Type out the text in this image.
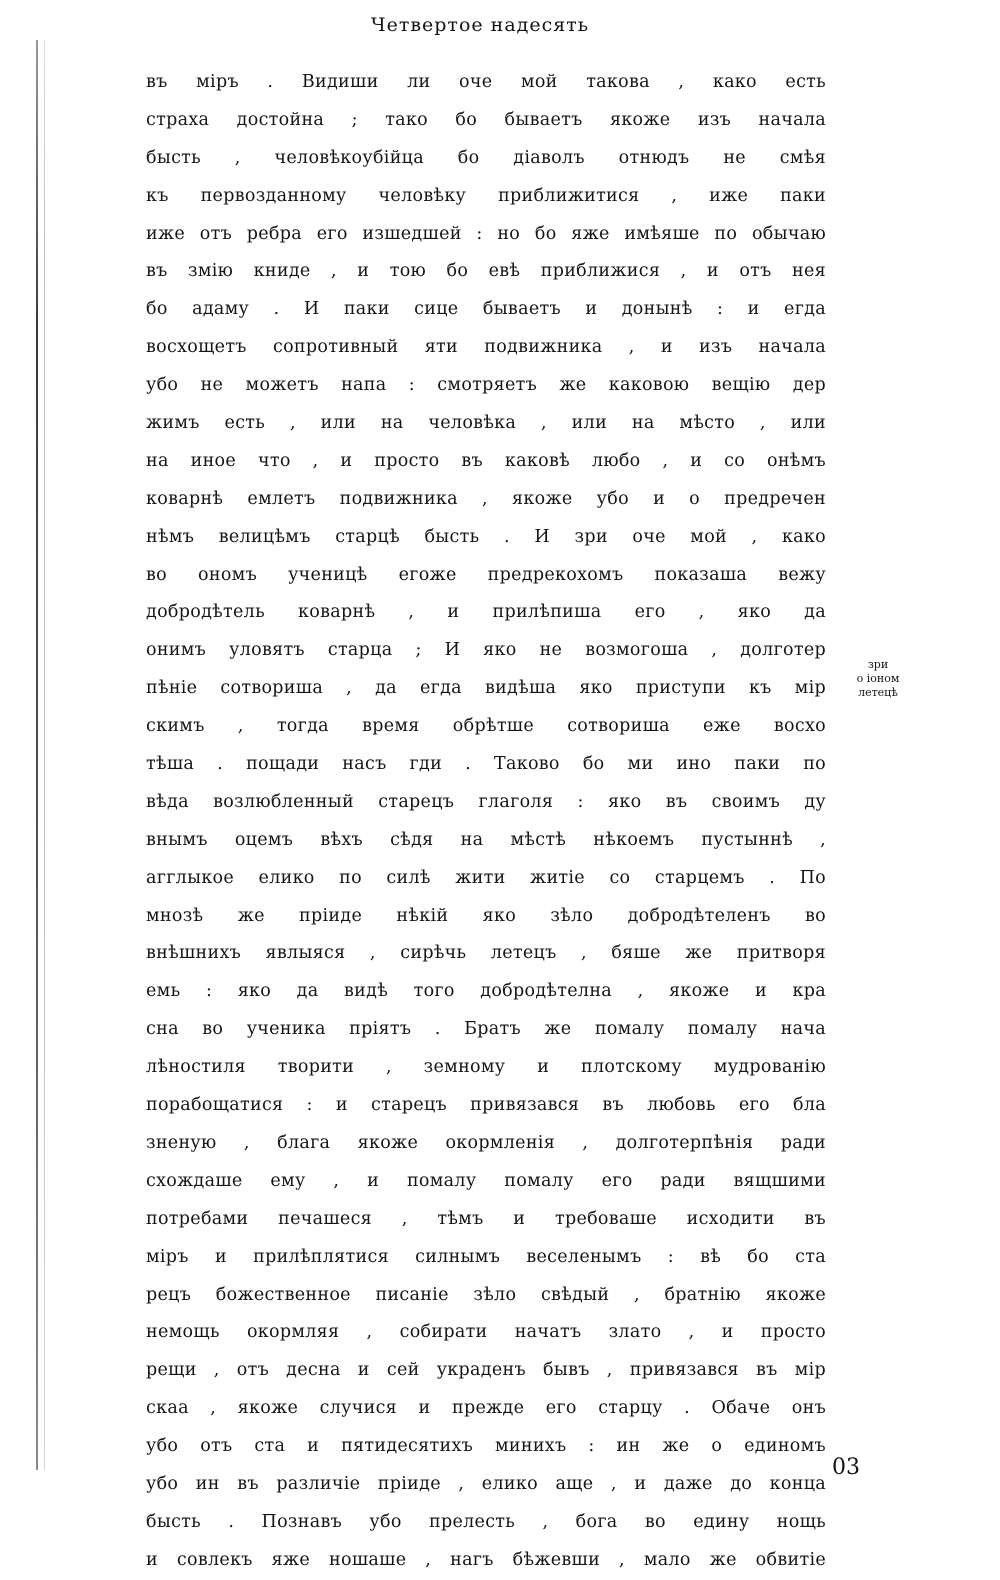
Четвертое надесять
въ міръ . Видиши ли оче мой такова , како есть
страха достойна ; тако бо бываетъ якоже изъ начала
бысть , человѣкоубійца бо діаволъ отнюдъ не смѣя
къ первозданному человѣку приближитися , иже паки
иже отъ ребра его изшедшей : но бо яже имѣяше по обычаю
въ змію книде , и тою бо евѣ приближися , и отъ нея
бо адаму . И паки сице бываетъ и донынѣ : и егда
восхощетъ сопротивный яти подвижника , и изъ начала
убо не можетъ напа : смотряетъ же каковою вещію дер
жимъ есть , или на человѣка , или на мѣсто , или
на иное что , и просто въ каковѣ любо , и со онѣмъ
коварнѣ емлетъ подвижника , якоже убо и о предречен
нѣмъ велицѣмъ старцѣ бысть . И зри оче мой , како
во ономъ ученицѣ егоже предрекохомъ показаша вежу
добродѣтель коварнѣ , и прилѣпиша его , яко да
онимъ уловятъ старца ; И яко не возмогоша , долготер
пѣніе сотвориша , да егда видѣша яко приступи къ мір
скимъ , тогда время обрѣтше сотвориша еже восхо
тѣша . пощади насъ гди . Таково бо ми ино паки по
вѣда возлюбленный старецъ глаголя : яко въ своимъ ду
внымъ оцемъ вѣхъ сѣдя на мѣстѣ нѣкоемъ пустыннѣ ,
агглыкое елико по силѣ жити житіе со старцемъ . По
мнозѣ же пріиде нѣкій яко зѣло добродѣтеленъ во
внѣшнихъ явлыяся , сирѣчь летецъ , бяше же притворя
емь : яко да видѣ того добродѣтелна , якоже и кра
сна во ученика пріятъ . Братъ же помалу помалу нача
лѣностиля творити , земному и плотскому мудрованію
порабощатися : и старецъ привязався въ любовь его бла
зненую , блага якоже окормленія , долготерпѣнія ради
схождаше ему , и помалу помалу его ради вящшими
потребами печашеся , тѣмъ и требоваше исходити въ
міръ и прилѣплятися силнымъ веселенымъ : вѣ бо ста
рецъ божественное писаніе зѣло свѣдый , братнію якоже
немощь окормляя , собирати начатъ злато , и просто
рещи , отъ десна и сей украденъ бывъ , привязався въ мір
скаа , якоже случися и прежде его старцу . Обаче онъ
убо отъ ста и пятидесятихъ минихъ : ин же о единомъ
убо ин въ различіе пріиде , елико аще , и даже до конца
бысть . Познавъ убо прелесть , бога во едину нощь
и совлекъ яже ношаше , нагъ бѣжевши , мало же обвитіе
зри
о іоном
летецѣ
03
